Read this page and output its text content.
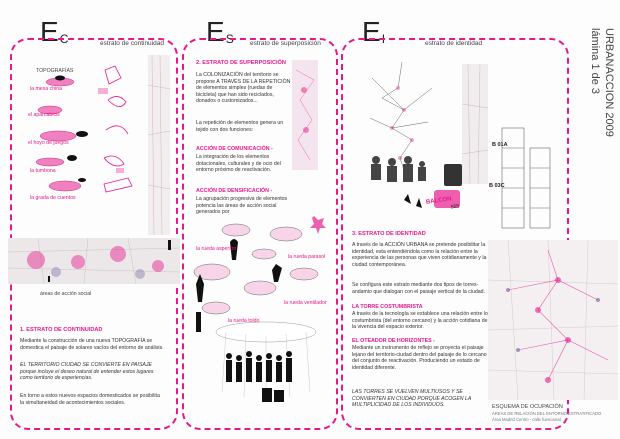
$E_C$	$E_S$	$E_I$
estrato de continuidad	estrato de superposición	estrato de identidad
TOPOGRAFÍAS
la mesa china
el aparcabicis
el hoyo de juegos
la tumbona
la grada de cuentos
áreas de acción social
1. ESTRATO DE CONTINUIDAD
Mediante la construcción de una nueva TOPOGRAFÍA se domestica el paisaje de solares vacíos del entorno de análisis.
EL TERRITORIO CIUDAD SE CONVIERTE EN PAISAJE porque incluye el deseo natural de entender estos lugares como territorio de experiencias.
En torno a estos nuevos espacios domesticados se posibilita la simultaneidad de acontecimientos sociales.
2. ESTRATO DE SUPERPOSICIÓN
La COLONIZACIÓN del territorio se propone A TRAVÉS DE LA REPETICIÓN de elementos simples (ruedas de bicicleta) que han sido reciclados, donados o customizados...
La repetición de elementos genera un tejido con dos funciones:
ACCIÓN DE COMUNICACIÓN -
La integración de los elementos dotacionales, culturales y de ocio del entorno próximo de reactivación.
ACCIÓN DE DENSIFICACIÓN -
La agrupación progresiva de elementos potencia las áreas de acción social generados por
la rueda aspersor
la rueda parasol
la rueda ventilador
la rueda toldo
B 01A
B 03C
BALCON
555
3. ESTRATO DE IDENTIDAD
A través de la ACCIÓN URBANA se pretende posibilitar la identidad, esta entendiéndola como la relación entre la experiencia de las personas que viven cotidianamente y la ciudad contemporánea.
Se configura este estrato mediante dos tipos de torres-andamio que dialogan con el paisaje vertical de la ciudad.
LA TORRE COSTUMBRISTA
A través de la tecnología se establece una relación entre lo costumbrista (del entorno cercano) y la acción cotidiana de la vivencia del espacio exterior.
EL OTEADOR DE HORIZONTES -
Mediante un instrumento de reflejo se proyecta el paisaje lejano del territorio-ciudad dentro del paisaje de lo cercano del conjunto de reactivación. Produciendo un estado de identidad diferente.
LAS TORRES SE VUELVEN MULTIUSOS Y SE CONVIERTEN EN CIUDAD PORQUE ACOGEN LA MULTIPLICIDAD DE LOS INDIVIDUOS.
URBANACCION 2009
lámina 1 de 3
ESQUEMA DE OCUPACIÓN
ÁREAS DE RELACIÓN DEL ENTORNO ESTRATIFICADO
Área Madrid Centro - calle fuencarral
